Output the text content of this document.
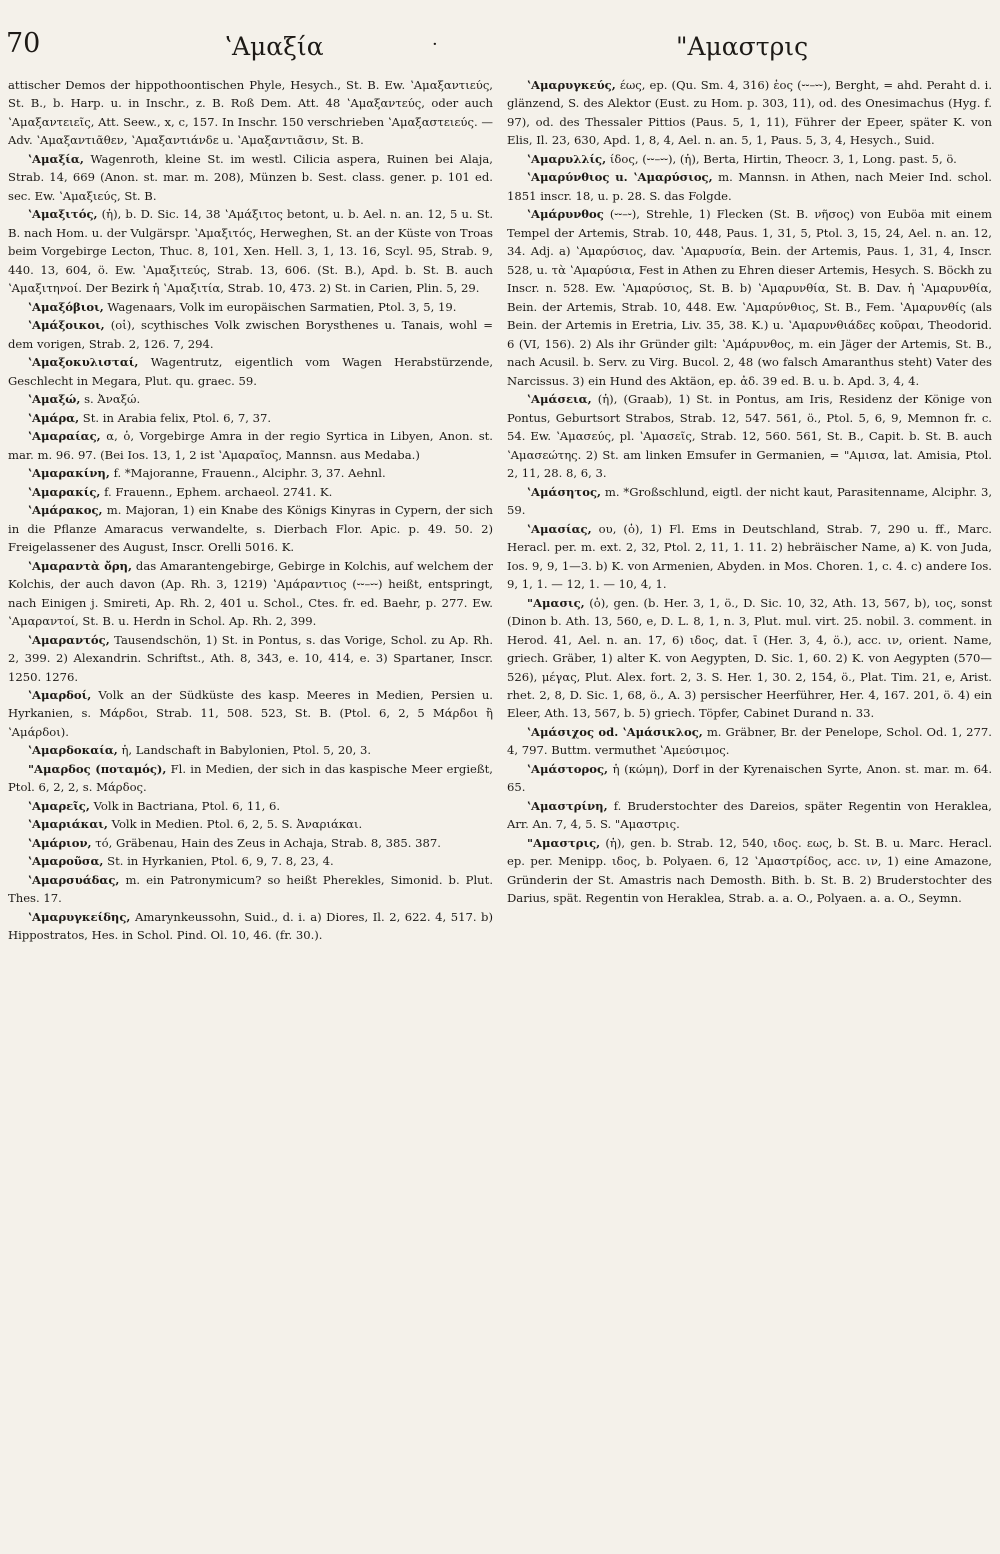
70	ʽΑμαξία	·	"Αμαστρις

attischer Demos der hippothoontischen Phyle, Hesych., St. B. Ew. ʽΑμαξαντιεύς, St. B., b. Harp. u. in Inschr., z. B. Roß Dem. Att. 48 ʽΑμαξαντεύς, oder auch ʽΑμαξαντειεῖς, Att. Seew., x, c, 157. In Inschr. 150 verschrieben ʽΑμαξαστειεύς. — Adv. ʽΑμαξαντιᾶθεν, ʽΑμαξαντιάνδε u. ʽΑμαξαντιᾶσιν, St. B.

ʽΑμαξία, Wagenroth, kleine St. im westl. Cilicia aspera, Ruinen bei Alaja, Strab. 14, 669 (Anon. st. mar. m. 208), Münzen b. Sest. class. gener. p. 101 ed. sec. Ew. ʽΑμαξιεύς, St. B.

ʽΑμαξιτός, (ἡ), b. D. Sic. 14, 38 ʽΑμάξιτος betont, u. b. Ael. n. an. 12, 5 u. St. B. nach Hom. u. der Vulgärspr. ʽΑμαξιτός, Herweghen, St. an der Küste von Troas beim Vorgebirge Lecton, Thuc. 8, 101, Xen. Hell. 3, 1, 13. 16, Scyl. 95, Strab. 9, 440. 13, 604, ö. Ew. ʽΑμαξιτεύς, Strab. 13, 606. (St. B.), Apd. b. St. B. auch ʽΑμαξιτηνοί. Der Bezirk ἡ ʽΑμαξιτία, Strab. 10, 473. 2) St. in Carien, Plin. 5, 29.

ʽΑμαξόβιοι, Wagenaars, Volk im europäischen Sarmatien, Ptol. 3, 5, 19.

ʽΑμάξοικοι, (οἱ), scythisches Volk zwischen Borysthenes u. Tanais, wohl = dem vorigen, Strab. 2, 126. 7, 294.

ʽΑμαξοκυλισταί, Wagentrutz, eigentlich vom Wagen Herabstürzende, Geschlecht in Megara, Plut. qu. graec. 59.

ʽΑμαξώ, s. Ἀναξώ.

ʽΑμάρα, St. in Arabia felix, Ptol. 6, 7, 37.

ʽΑμαραίας, α, ὁ, Vorgebirge Amra in der regio Syrtica in Libyen, Anon. st. mar. m. 96. 97. (Bei Ios. 13, 1, 2 ist ʽΑμαραῖος, Mannsn. aus Medaba.)

ʽΑμαρακίνη, f. *Majoranne, Frauenn., Alciphr. 3, 37. Aehnl.

ʽΑμαρακίς, f. Frauenn., Ephem. archaeol. 2741. K.

ʽΑμάρακος, m. Majoran, 1) ein Knabe des Königs Kinyras in Cypern, der sich in die Pflanze Amaracus verwandelte, s. Dierbach Flor. Apic. p. 49. 50. 2) Freigelassener des August, Inscr. Orelli 5016. K.

ʽΑμαραντὰ ὄρη, das Amarantengebirge, Gebirge in Kolchis, auf welchem der Kolchis, der auch davon (Ap. Rh. 3, 1219) ʽΑμάραντιος (⏑⏑–⏑⏑) heißt, entspringt, nach Einigen j. Smireti, Ap. Rh. 2, 401 u. Schol., Ctes. fr. ed. Baehr, p. 277. Ew. ʽΑμαραντοί, St. B. u. Herdn in Schol. Ap. Rh. 2, 399.

ʽΑμαραντός, Tausendschön, 1) St. in Pontus, s. das Vorige, Schol. zu Ap. Rh. 2, 399. 2) Alexandrin. Schriftst., Ath. 8, 343, e. 10, 414, e. 3) Spartaner, Inscr. 1250. 1276.

ʽΑμαρδοί, Volk an der Südküste des kasp. Meeres in Medien, Persien u. Hyrkanien, s. Μάρδοι, Strab. 11, 508. 523, St. B. (Ptol. 6, 2, 5 Μάρδοι ἢ ʽΑμάρδοι).

ʽΑμαρδοκαία, ἡ, Landschaft in Babylonien, Ptol. 5, 20, 3.

"Αμαρδος (ποταμός), Fl. in Medien, der sich in das kaspische Meer ergießt, Ptol. 6, 2, 2, s. Μάρδος.

ʽΑμαρεῖς, Volk in Bactriana, Ptol. 6, 11, 6.

ʽΑμαριάκαι, Volk in Medien. Ptol. 6, 2, 5. S. Ἀναριάκαι.

ʽΑμάριον, τό, Gräbenau, Hain des Zeus in Achaja, Strab. 8, 385. 387.

ʽΑμαροῦσα, St. in Hyrkanien, Ptol. 6, 9, 7. 8, 23, 4.

ʽΑμαρσυάδας, m. ein Patronymicum? so heißt Pherekles, Simonid. b. Plut. Thes. 17.

ʽΑμαρυγκείδης, Amarynkeussohn, Suid., d. i. a) Diores, Il. 2, 622. 4, 517. b) Hippostratos, Hes. in Schol. Pind. Ol. 10, 46. (fr. 30.).

ʽΑμαρυγκεύς, έως, ep. (Qu. Sm. 4, 316) ἑος (⏑⏑–⏑⏑), Berght, = ahd. Peraht d. i. glänzend, S. des Alektor (Eust. zu Hom. p. 303, 11), od. des Onesimachus (Hyg. f. 97), od. des Thessaler Pittios (Paus. 5, 1, 11), Führer der Epeer, später K. von Elis, Il. 23, 630, Apd. 1, 8, 4, Ael. n. an. 5, 1, Paus. 5, 3, 4, Hesych., Suid.

ʽΑμαρυλλίς, ίδος, (⏑⏑–⏑⏑), (ἡ), Berta, Hirtin, Theocr. 3, 1, Long. past. 5, ö.

ʽΑμαρύνθιος u. ʽΑμαρύσιος, m. Mannsn. in Athen, nach Meier Ind. schol. 1851 inscr. 18, u. p. 28. S. das Folgde.

ʽΑμάρυνθος (⏑⏑–⏑), Strehle, 1) Flecken (St. B. νῆσος) von Euböa mit einem Tempel der Artemis, Strab. 10, 448, Paus. 1, 31, 5, Ptol. 3, 15, 24, Ael. n. an. 12, 34. Adj. a) ʽΑμαρύσιος, dav. ʽΑμαρυσία, Bein. der Artemis, Paus. 1, 31, 4, Inscr. 528, u. τὰ ʽΑμαρύσια, Fest in Athen zu Ehren dieser Artemis, Hesych. S. Böckh zu Inscr. n. 528. Ew. ʽΑμαρύσιος, St. B. b) ʽΑμαρυνθία, St. B. Dav. ἡ ʽΑμαρυνθία, Bein. der Artemis, Strab. 10, 448. Ew. ʽΑμαρύνθιος, St. B., Fem. ʽΑμαρυνθίς (als Bein. der Artemis in Eretria, Liv. 35, 38. K.) u. ʽΑμαρυνθιάδες κοῦραι, Theodorid. 6 (VI, 156). 2) Als ihr Gründer gilt: ʽΑμάρυνθος, m. ein Jäger der Artemis, St. B., nach Acusil. b. Serv. zu Virg. Bucol. 2, 48 (wo falsch Amaranthus steht) Vater des Narcissus. 3) ein Hund des Aktäon, ep. ἀδ. 39 ed. B. u. b. Apd. 3, 4, 4.

ʽΑμάσεια, (ἡ), (Graab), 1) St. in Pontus, am Iris, Residenz der Könige von Pontus, Geburtsort Strabos, Strab. 12, 547. 561, ö., Ptol. 5, 6, 9, Memnon fr. c. 54. Ew. ʽΑμασεύς, pl. ʽΑμασεῖς, Strab. 12, 560. 561, St. B., Capit. b. St. B. auch ʽΑμασεώτης. 2) St. am linken Emsufer in Germanien, = "Αμισα, lat. Amisia, Ptol. 2, 11, 28. 8, 6, 3.

ʽΑμάσητος, m. *Großschlund, eigtl. der nicht kaut, Parasitenname, Alciphr. 3, 59.

ʽΑμασίας, ου, (ὁ), 1) Fl. Ems in Deutschland, Strab. 7, 290 u. ff., Marc. Heracl. per. m. ext. 2, 32, Ptol. 2, 11, 1. 11. 2) hebräischer Name, a) K. von Juda, Ios. 9, 9, 1—3. b) K. von Armenien, Abyden. in Mos. Choren. 1, c. 4. c) andere Ios. 9, 1, 1. — 12, 1. — 10, 4, 1.

"Αμασις, (ὁ), gen. (b. Her. 3, 1, ö., D. Sic. 10, 32, Ath. 13, 567, b), ιος, sonst (Dinon b. Ath. 13, 560, e, D. L. 8, 1, n. 3, Plut. mul. virt. 25. nobil. 3. comment. in Herod. 41, Ael. n. an. 17, 6) ιδος, dat. ῑ (Her. 3, 4, ö.), acc. ιν, orient. Name, griech. Gräber, 1) alter K. von Aegypten, D. Sic. 1, 60. 2) K. von Aegypten (570—526), μέγας, Plut. Alex. fort. 2, 3. S. Her. 1, 30. 2, 154, ö., Plat. Tim. 21, e, Arist. rhet. 2, 8, D. Sic. 1, 68, ö., A. 3) persischer Heerführer, Her. 4, 167. 201, ö. 4) ein Eleer, Ath. 13, 567, b. 5) griech. Töpfer, Cabinet Durand n. 33.

ʽΑμάσιχος od. ʽΑμάσικλος, m. Gräbner, Br. der Penelope, Schol. Od. 1, 277. 4, 797. Buttm. vermuthet ʽΑμεύσιμος.

ʽΑμάστορος, ἡ (κώμη), Dorf in der Kyrenaischen Syrte, Anon. st. mar. m. 64. 65.

ʽΑμαστρίνη, f. Bruderstochter des Dareios, später Regentin von Herakleа, Arr. An. 7, 4, 5. S. "Αμαστρις.

"Αμαστρις, (ἡ), gen. b. Strab. 12, 540, ιδος. εως, b. St. B. u. Marc. Heracl. ep. per. Menipp. ιδος, b. Polyaen. 6, 12 ʽΑμαστρίδος, acc. ιν, 1) eine Amazone, Gründerin der St. Amastris nach Demosth. Bith. b. St. B. 2) Bruderstochter des Darius, spät. Regentin von Herakleа, Strab. a. a. O., Polyaen. a. a. O., Seymn.
